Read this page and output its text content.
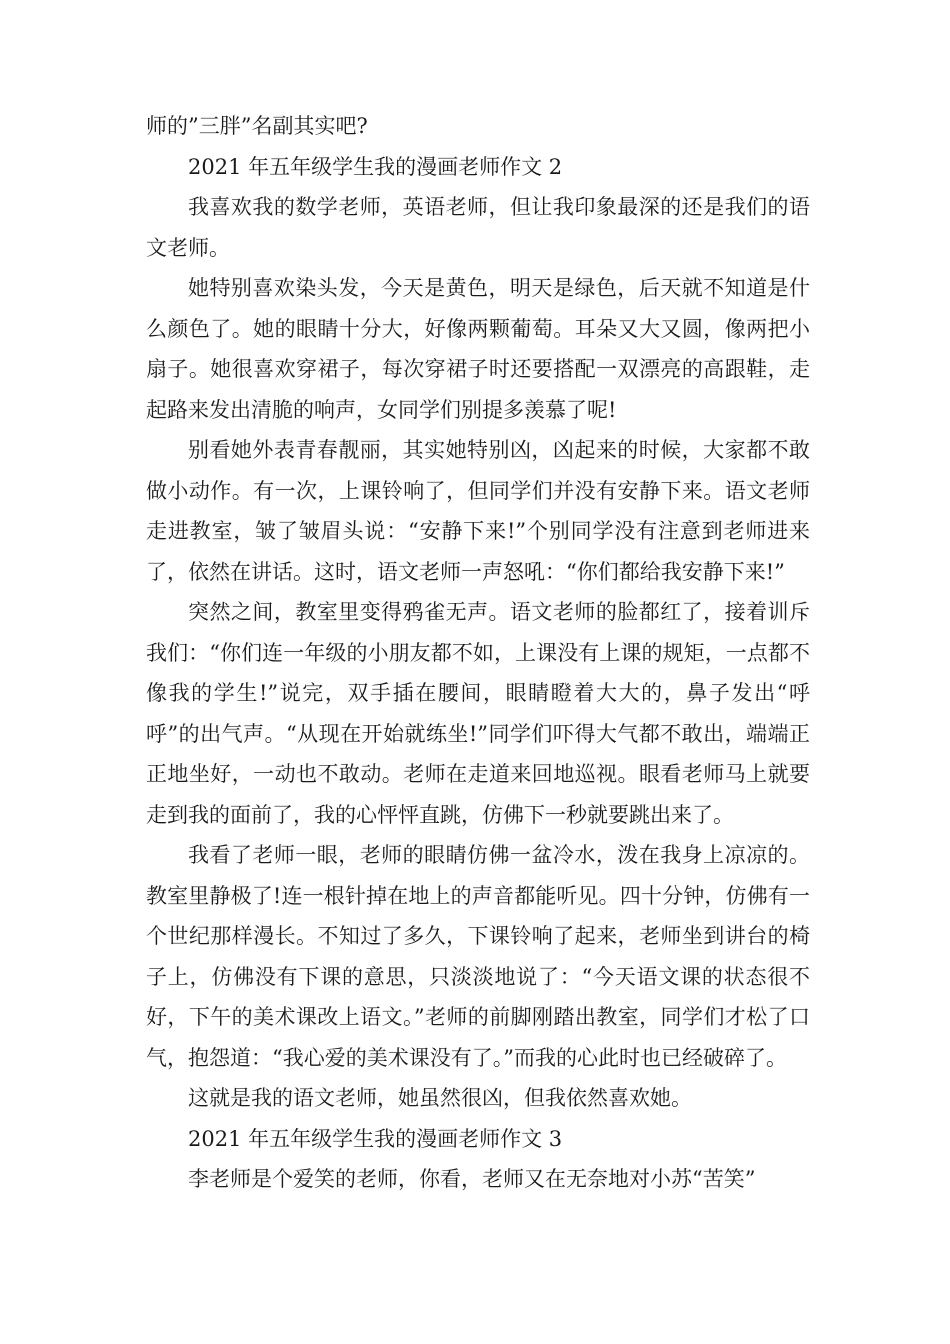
师的”三胖”名副其实吧?

2021 年五年级学生我的漫画老师作文 2

我喜欢我的数学老师，英语老师，但让我印象最深的还是我们的语文老师。

她特别喜欢染头发，今天是黄色，明天是绿色，后天就不知道是什么颜色了。她的眼睛十分大，好像两颗葡萄。耳朵又大又圆，像两把小扇子。她很喜欢穿裙子，每次穿裙子时还要搭配一双漂亮的高跟鞋，走起路来发出清脆的响声，女同学们别提多羡慕了呢!

别看她外表青春靓丽，其实她特别凶，凶起来的时候，大家都不敢做小动作。有一次，上课铃响了，但同学们并没有安静下来。语文老师走进教室，皱了皱眉头说：“安静下来!”个别同学没有注意到老师进来了，依然在讲话。这时，语文老师一声怒吼：“你们都给我安静下来!”

突然之间，教室里变得鸦雀无声。语文老师的脸都红了，接着训斥我们：“你们连一年级的小朋友都不如，上课没有上课的规矩，一点都不像我的学生!”说完，双手插在腰间，眼睛瞪着大大的，鼻子发出“呼呼”的出气声。“从现在开始就练坐!”同学们吓得大气都不敢出，端端正正地坐好，一动也不敢动。老师在走道来回地巡视。眼看老师马上就要走到我的面前了，我的心怦怦直跳，仿佛下一秒就要跳出来了。

我看了老师一眼，老师的眼睛仿佛一盆冷水，泼在我身上凉凉的。教室里静极了!连一根针掉在地上的声音都能听见。四十分钟，仿佛有一个世纪那样漫长。不知过了多久，下课铃响了起来，老师坐到讲台的椅子上，仿佛没有下课的意思，只淡淡地说了：“今天语文课的状态很不好，下午的美术课改上语文。”老师的前脚刚踏出教室，同学们才松了口气，抱怨道：“我心爱的美术课没有了。”而我的心此时也已经破碎了。

这就是我的语文老师，她虽然很凶，但我依然喜欢她。

2021 年五年级学生我的漫画老师作文 3

李老师是个爱笑的老师，你看，老师又在无奈地对小苏“苦笑”
